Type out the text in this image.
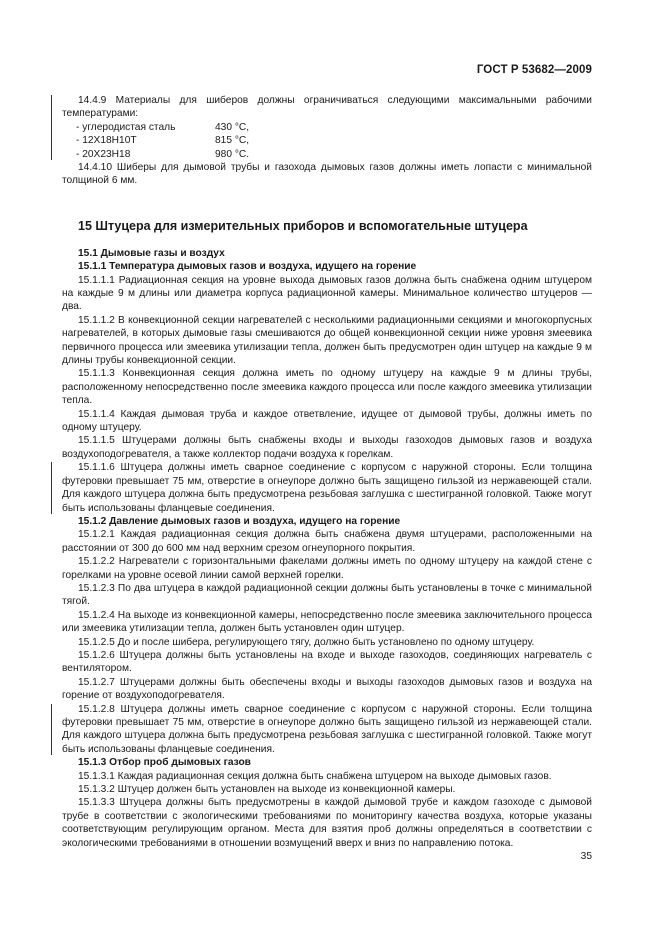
ГОСТ Р 53682—2009

14.4.9 Материалы для шиберов должны ограничиваться следующими максимальными рабочими температурами:

- углеродистая сталь	430 °С,
- 12Х18Н10Т	815 °С,
- 20Х23Н18	980 °С.

14.4.10 Шиберы для дымовой трубы и газохода дымовых газов должны иметь лопасти с минимальной толщиной 6 мм.

15 Штуцера для измерительных приборов и вспомогательные штуцера

15.1 Дымовые газы и воздух

15.1.1 Температура дымовых газов и воздуха, идущего на горение

15.1.1.1 Радиационная секция на уровне выхода дымовых газов должна быть снабжена одним штуцером на каждые 9 м длины или диаметра корпуса радиационной камеры. Минимальное количество штуцеров — два.

15.1.1.2 В конвекционной секции нагревателей с несколькими радиационными секциями и многокорпусных нагревателей, в которых дымовые газы смешиваются до общей конвекционной секции ниже уровня змеевика первичного процесса или змеевика утилизации тепла, должен быть предусмотрен один штуцер на каждые 9 м длины трубы конвекционной секции.

15.1.1.3 Конвекционная секция должна иметь по одному штуцеру на каждые 9 м длины трубы, расположенному непосредственно после змеевика каждого процесса или после каждого змеевика утилизации тепла.

15.1.1.4 Каждая дымовая труба и каждое ответвление, идущее от дымовой трубы, должны иметь по одному штуцеру.

15.1.1.5 Штуцерами должны быть снабжены входы и выходы газоходов дымовых газов и воздуха воздухоподогревателя, а также коллектор подачи воздуха к горелкам.

15.1.1.6 Штуцера должны иметь сварное соединение с корпусом с наружной стороны. Если толщина футеровки превышает 75 мм, отверстие в огнеупоре должно быть защищено гильзой из нержавеющей стали. Для каждого штуцера должна быть предусмотрена резьбовая заглушка с шестигранной головкой. Также могут быть использованы фланцевые соединения.

15.1.2 Давление дымовых газов и воздуха, идущего на горение

15.1.2.1 Каждая радиационная секция должна быть снабжена двумя штуцерами, расположенными на расстоянии от 300 до 600 мм над верхним срезом огнеупорного покрытия.

15.1.2.2 Нагреватели с горизонтальными факелами должны иметь по одному штуцеру на каждой стене с горелками на уровне осевой линии самой верхней горелки.

15.1.2.3 По два штуцера в каждой радиационной секции должны быть установлены в точке с минимальной тягой.

15.1.2.4 На выходе из конвекционной камеры, непосредственно после змеевика заключительного процесса или змеевика утилизации тепла, должен быть установлен один штуцер.

15.1.2.5 До и после шибера, регулирующего тягу, должно быть установлено по одному штуцеру.

15.1.2.6 Штуцера должны быть установлены на входе и выходе газоходов, соединяющих нагреватель с вентилятором.

15.1.2.7 Штуцерами должны быть обеспечены входы и выходы газоходов дымовых газов и воздуха на горение от воздухоподогревателя.

15.1.2.8 Штуцера должны иметь сварное соединение с корпусом с наружной стороны. Если толщина футеровки превышает 75 мм, отверстие в огнеупоре должно быть защищено гильзой из нержавеющей стали. Для каждого штуцера должна быть предусмотрена резьбовая заглушка с шестигранной головкой. Также могут быть использованы фланцевые соединения.

15.1.3 Отбор проб дымовых газов

15.1.3.1 Каждая радиационная секция должна быть снабжена штуцером на выходе дымовых газов.

15.1.3.2 Штуцер должен быть установлен на выходе из конвекционной камеры.

15.1.3.3 Штуцера должны быть предусмотрены в каждой дымовой трубе и каждом газоходе с дымовой трубе в соответствии с экологическими требованиями по мониторингу качества воздуха, которые указаны соответствующим регулирующим органом. Места для взятия проб должны определяться в соответствии с экологическими требованиями в отношении возмущений вверх и вниз по направлению потока.

35
